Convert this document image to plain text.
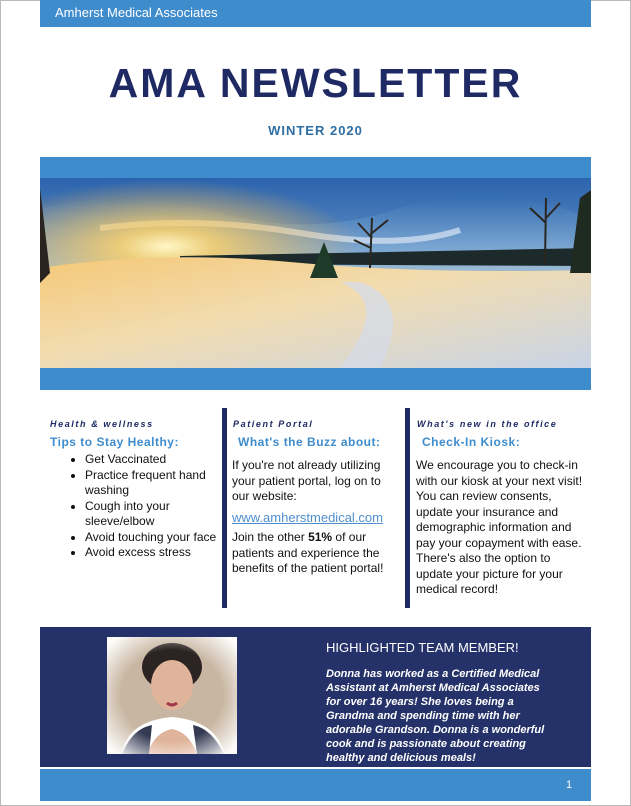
Amherst Medical Associates
AMA NEWSLETTER
WINTER 2020
Health & wellness
Tips to Stay Healthy:
• Get Vaccinated
• Practice frequent hand washing
• Cough into your sleeve/elbow
• Avoid touching your face
• Avoid excess stress
Patient Portal
What's the Buzz about:

If you're not already utilizing your patient portal, log on to our website:

www.amherstmedical.com

Join the other 51% of our patients and experience the benefits of the patient portal!

What's new in the office
Check-In Kiosk:

We encourage you to check-in with our kiosk at your next visit! You can review consents, update your insurance and demographic information and pay your copayment with ease. There's also the option to update your picture for your medical record!

HIGHLIGHTED TEAM MEMBER!
Donna has worked as a Certified Medical Assistant at Amherst Medical Associates for over 16 years! She loves being a Grandma and spending time with her adorable Grandson. Donna is a wonderful cook and is passionate about creating healthy and delicious meals!
1
